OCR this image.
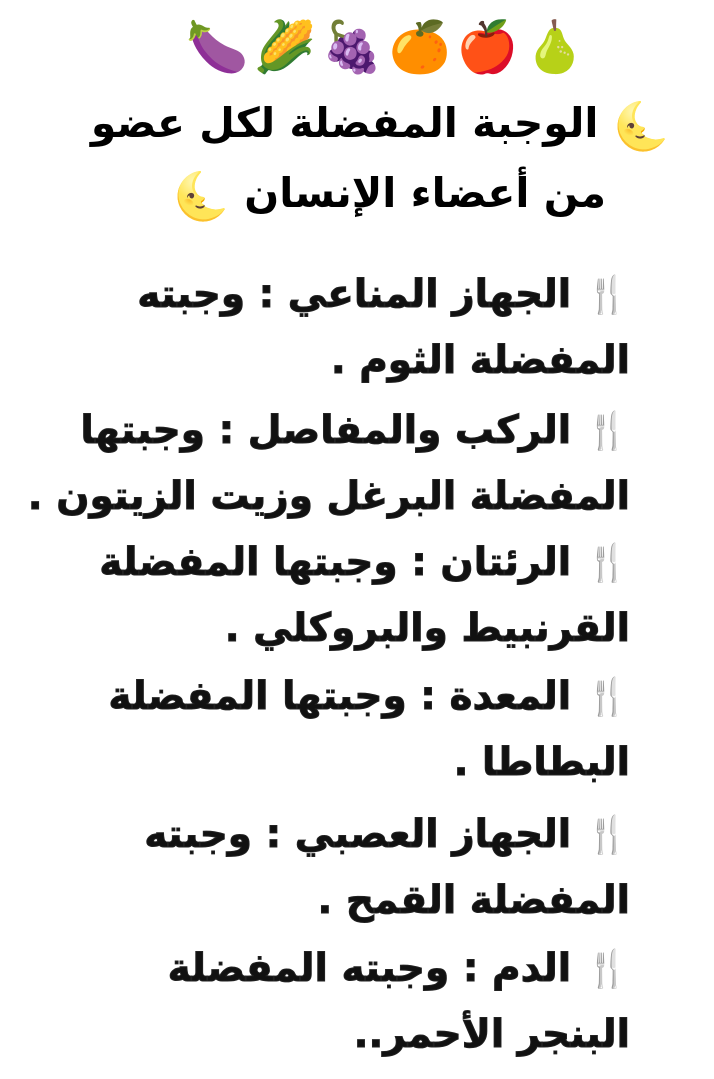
🍆 🌽 🍇 🍊 🍎 🍐
🌜 الوجبة المفضلة لكل عضو
من أعضاء الإنسان 🌜
🍴الجهاز المناعي : وجبته
المفضلة الثوم .
🍴الركب والمفاصل : وجبتها
المفضلة البرغل وزيت الزيتون .
🍴الرئتان : وجبتها المفضلة
القرنبيط والبروكلي .
🍴المعدة : وجبتها المفضلة
البطاطا .
🍴الجهاز العصبي : وجبته
المفضلة القمح .
🍴الدم : وجبته المفضلة
البنجر الأحمر..
